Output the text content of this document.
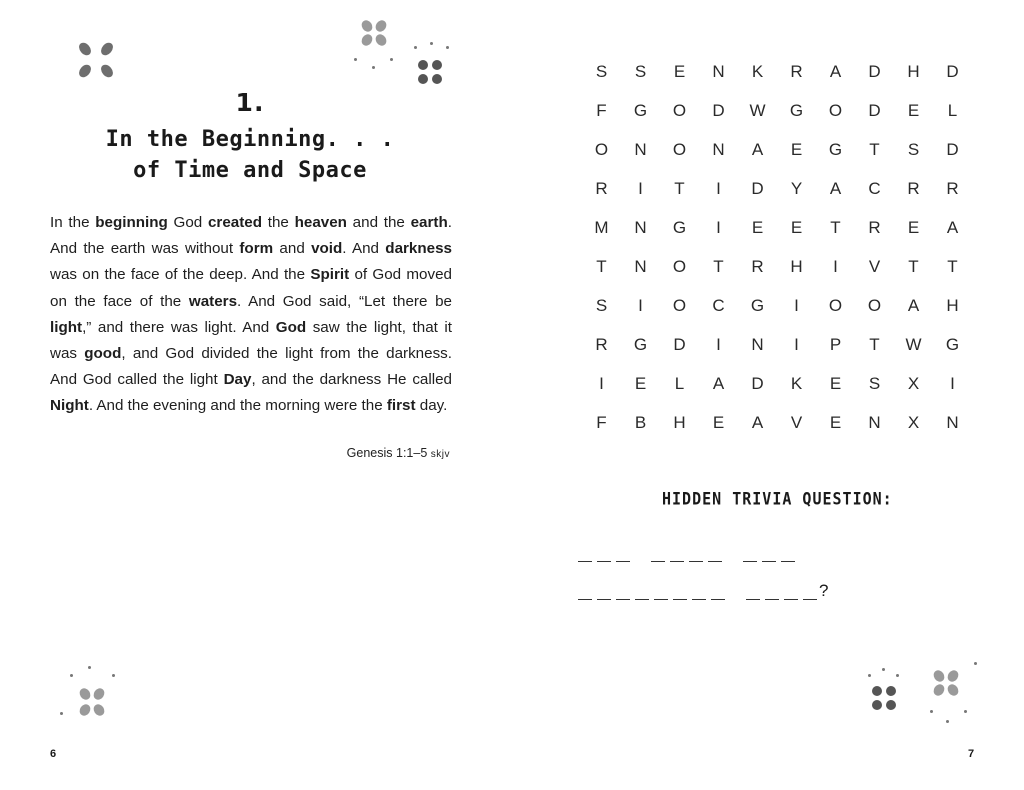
1.
In the Beginning. . .
of Time and Space
In the beginning God created the heaven and the earth. And the earth was without form and void. And darkness was on the face of the deep. And the Spirit of God moved on the face of the waters. And God said, “Let there be light,” and there was light. And God saw the light, that it was good, and God divided the light from the darkness. And God called the light Day, and the darkness He called Night. And the evening and the morning were the first day.
Genesis 1:1–5 skjv
6
S	S	E	N	K	R	A	D	H	D
F	G	O	D	W	G	O	D	E	L
O	N	O	N	A	E	G	T	S	D
R	I	T	I	D	Y	A	C	R	R
M	N	G	I	E	E	T	R	E	A
T	N	O	T	R	H	I	V	T	T
S	I	O	C	G	I	O	O	A	H
R	G	D	I	N	I	P	T	W	G
I	E	L	A	D	K	E	S	X	I
F	B	H	E	A	V	E	N	X	N
HIDDEN TRIVIA QUESTION:
?
7
